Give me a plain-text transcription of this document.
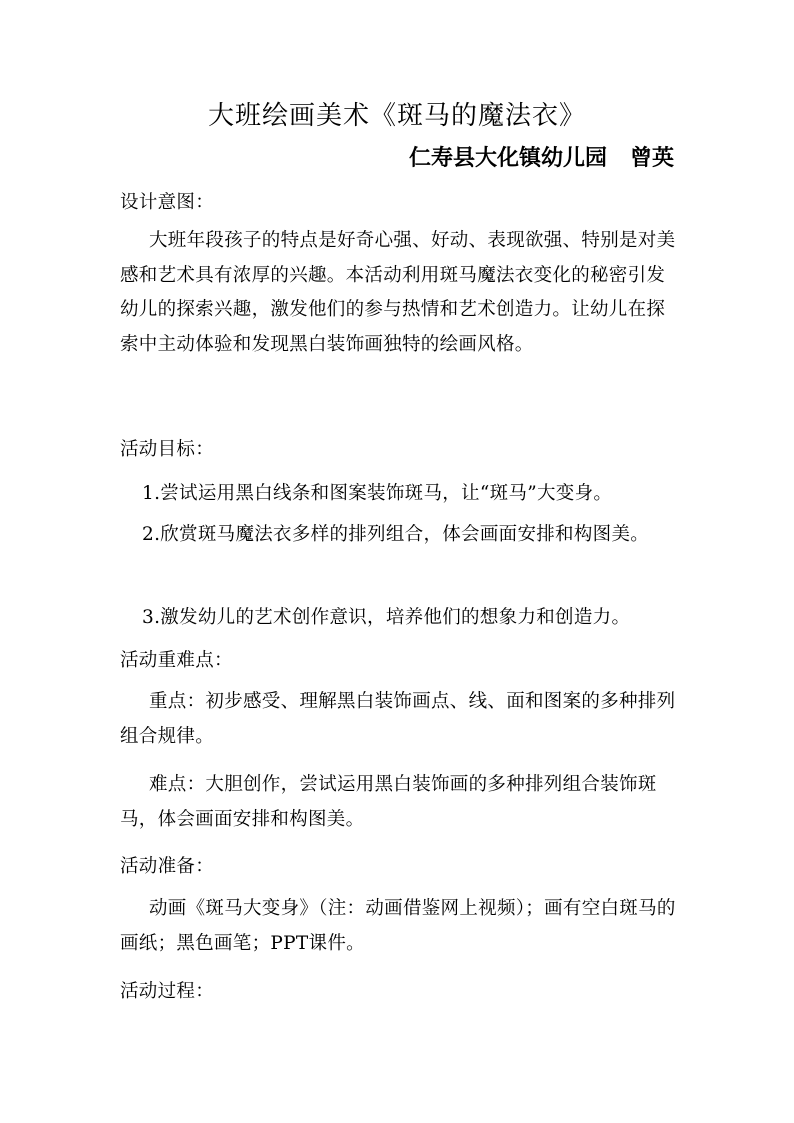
大班绘画美术《斑马的魔法衣》
仁寿县大化镇幼儿园   曾英
设计意图：
大班年段孩子的特点是好奇心强、好动、表现欲强、特别是对美感和艺术具有浓厚的兴趣。本活动利用斑马魔法衣变化的秘密引发幼儿的探索兴趣，激发他们的参与热情和艺术创造力。让幼儿在探索中主动体验和发现黑白装饰画独特的绘画风格。
活动目标：
1.尝试运用黑白线条和图案装饰斑马，让“斑马”大变身。
2.欣赏斑马魔法衣多样的排列组合，体会画面安排和构图美。
3.激发幼儿的艺术创作意识，培养他们的想象力和创造力。
活动重难点：
重点：初步感受、理解黑白装饰画点、线、面和图案的多种排列组合规律。
难点：大胆创作，尝试运用黑白装饰画的多种排列组合装饰斑马，体会画面安排和构图美。
活动准备：
动画《斑马大变身》（注：动画借鉴网上视频）；画有空白斑马的画纸；黑色画笔；PPT课件。
活动过程：
